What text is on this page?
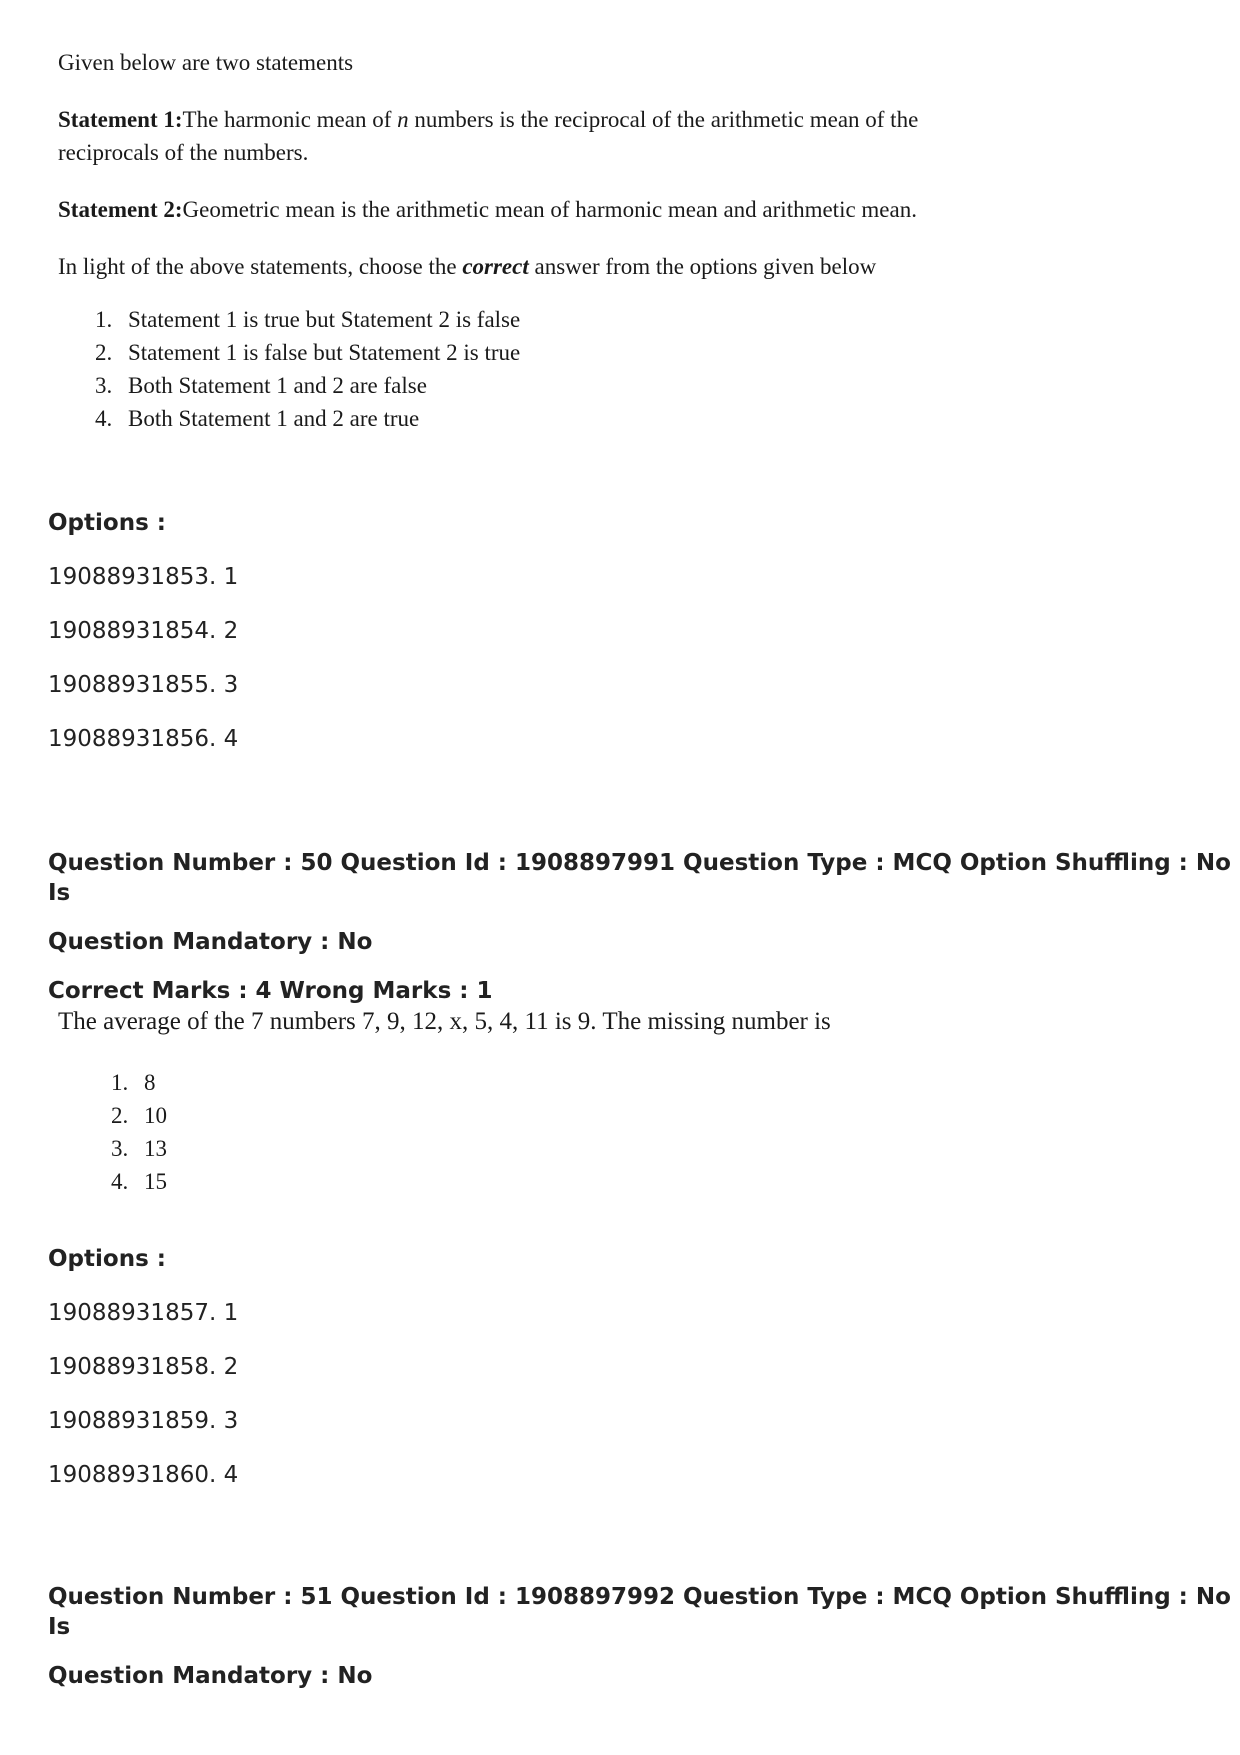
Given below are two statements

Statement 1:The harmonic mean of n numbers is the reciprocal of the arithmetic mean of the

reciprocals of the numbers.

Statement 2:Geometric mean is the arithmetic mean of harmonic mean and arithmetic mean.

In light of the above statements, choose the correct answer from the options given below

1. Statement 1 is true but Statement 2 is false
2. Statement 1 is false but Statement 2 is true
3. Both Statement 1 and 2 are false
4. Both Statement 1 and 2 are true

Options :

19088931853. 1

19088931854. 2

19088931855. 3

19088931856. 4

Question Number : 50 Question Id : 1908897991 Question Type : MCQ Option Shuffling : No Is

Question Mandatory : No

Correct Marks : 4 Wrong Marks : 1

The average of the 7 numbers 7, 9, 12, x, 5, 4, 11 is 9. The missing number is

1. 8
2. 10
3. 13
4. 15

Options :

19088931857. 1

19088931858. 2

19088931859. 3

19088931860. 4

Question Number : 51 Question Id : 1908897992 Question Type : MCQ Option Shuffling : No Is

Question Mandatory : No
